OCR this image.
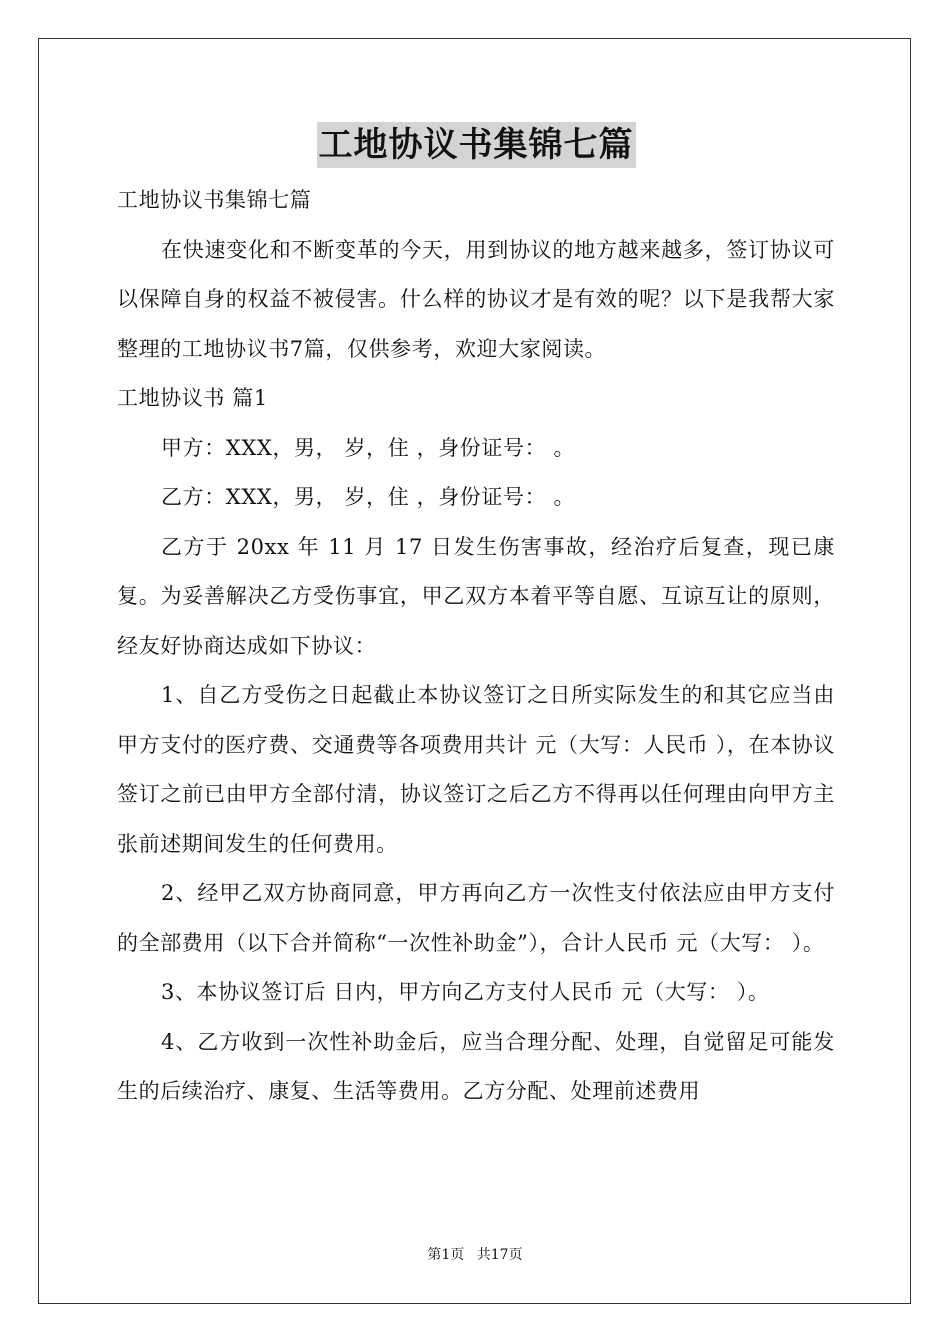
工地协议书集锦七篇

工地协议书集锦七篇

在快速变化和不断变革的今天，用到协议的地方越来越多，签订协议可以保障自身的权益不被侵害。什么样的协议才是有效的呢？以下是我帮大家整理的工地协议书7篇，仅供参考，欢迎大家阅读。

工地协议书 篇1

甲方：XXX，男， 岁，住 ，身份证号： 。

乙方：XXX，男， 岁，住 ，身份证号： 。

乙方于 20xx 年 11 月 17 日发生伤害事故，经治疗后复查，现已康复。为妥善解决乙方受伤事宜，甲乙双方本着平等自愿、互谅互让的原则，经友好协商达成如下协议：

1、自乙方受伤之日起截止本协议签订之日所实际发生的和其它应当由甲方支付的医疗费、交通费等各项费用共计 元（大写：人民币 ），在本协议签订之前已由甲方全部付清，协议签订之后乙方不得再以任何理由向甲方主张前述期间发生的任何费用。

2、经甲乙双方协商同意，甲方再向乙方一次性支付依法应由甲方支付的全部费用（以下合并简称“一次性补助金”），合计人民币 元（大写： ）。

3、本协议签订后 日内，甲方向乙方支付人民币 元（大写： ）。

4、乙方收到一次性补助金后，应当合理分配、处理，自觉留足可能发生的后续治疗、康复、生活等费用。乙方分配、处理前述费用

第1页 共17页
